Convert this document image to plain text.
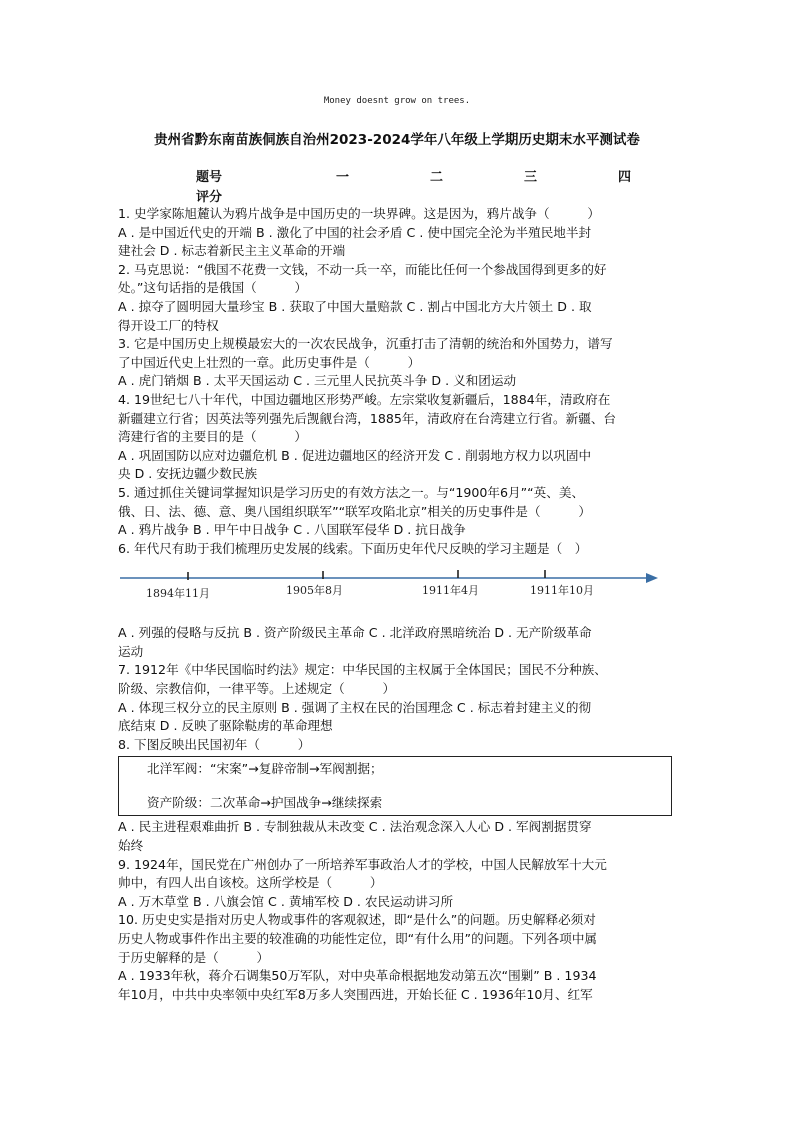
Money doesnt grow on trees.
贵州省黔东南苗族侗族自治州2023-2024学年八年级上学期历史期末水平测试卷
题号	一	二	三	四
评分

1. 史学家陈旭麓认为鸦片战争是中国历史的一块界碑。这是因为，鸦片战争（　　　）

A . 是中国近代史的开端 B . 激化了中国的社会矛盾 C . 使中国完全沦为半殖民地半封

建社会 D . 标志着新民主主义革命的开端

2. 马克思说：“俄国不花费一文钱，不动一兵一卒，而能比任何一个参战国得到更多的好

处。”这句话指的是俄国（　　　）

A . 掠夺了圆明园大量珍宝 B . 获取了中国大量赔款 C . 割占中国北方大片领土 D . 取

得开设工厂的特权

3. 它是中国历史上规模最宏大的一次农民战争，沉重打击了清朝的统治和外国势力，谱写

了中国近代史上壮烈的一章。此历史事件是（　　　）

A . 虎门销烟 B . 太平天国运动 C . 三元里人民抗英斗争 D . 义和团运动

4. 19世纪七八十年代，中国边疆地区形势严峻。左宗棠收复新疆后，1884年，清政府在

新疆建立行省；因英法等列强先后觊觎台湾，1885年，清政府在台湾建立行省。新疆、台

湾建行省的主要目的是（　　　）

A . 巩固国防以应对边疆危机 B . 促进边疆地区的经济开发 C . 削弱地方权力以巩固中

央 D . 安抚边疆少数民族

5. 通过抓住关键词掌握知识是学习历史的有效方法之一。与“1900年6月”“英、美、

俄、日、法、德、意、奥八国组织联军”“联军攻陷北京”相关的历史事件是（　　　）

A . 鸦片战争 B . 甲午中日战争 C . 八国联军侵华 D . 抗日战争

6. 年代尺有助于我们梳理历史发展的线索。下面历史年代尺反映的学习主题是（　）

1894年11月	1905年8月	1911年4月	1911年10月

A . 列强的侵略与反抗 B . 资产阶级民主革命 C . 北洋政府黑暗统治 D . 无产阶级革命

运动

7. 1912年《中华民国临时约法》规定：中华民国的主权属于全体国民；国民不分种族、

阶级、宗教信仰，一律平等。上述规定（　　　）

A . 体现三权分立的民主原则 B . 强调了主权在民的治国理念 C . 标志着封建主义的彻

底结束 D . 反映了驱除鞑虏的革命理想

8. 下图反映出民国初年（　　　）

北洋军阀：“宋案”→复辟帝制→军阀割据；
资产阶级：二次革命→护国战争→继续探索

A . 民主进程艰难曲折 B . 专制独裁从未改变 C . 法治观念深入人心 D . 军阀割据贯穿

始终

9. 1924年，国民党在广州创办了一所培养军事政治人才的学校，中国人民解放军十大元

帅中，有四人出自该校。这所学校是（　　　）

A . 万木草堂 B . 八旗会馆 C . 黄埔军校 D . 农民运动讲习所

10. 历史史实是指对历史人物或事件的客观叙述，即“是什么”的问题。历史解释必须对

历史人物或事件作出主要的较准确的功能性定位，即“有什么用”的问题。下列各项中属

于历史解释的是（　　　）

A . 1933年秋，蒋介石调集50万军队，对中央革命根据地发动第五次“围剿” B . 1934

年10月，中共中央率领中央红军8万多人突围西进，开始长征 C . 1936年10月、红军
